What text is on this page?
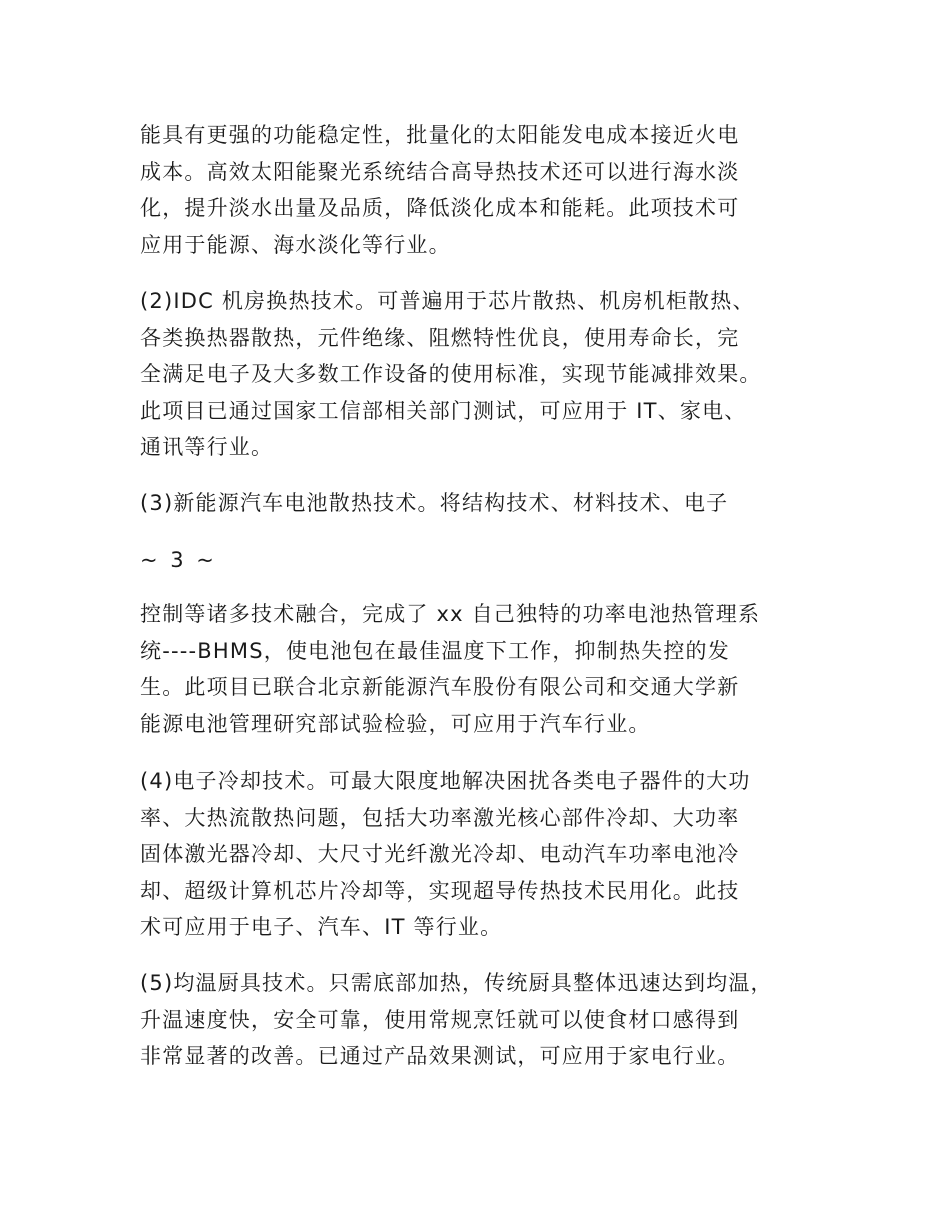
能具有更强的功能稳定性，批量化的太阳能发电成本接近火电
成本。高效太阳能聚光系统结合高导热技术还可以进行海水淡
化，提升淡水出量及品质，降低淡化成本和能耗。此项技术可
应用于能源、海水淡化等行业。
(2)IDC 机房换热技术。可普遍用于芯片散热、机房机柜散热、
各类换热器散热，元件绝缘、阻燃特性优良，使用寿命长，完
全满足电子及大多数工作设备的使用标准，实现节能减排效果。
此项目已通过国家工信部相关部门测试，可应用于 IT、家电、
通讯等行业。
(3)新能源汽车电池散热技术。将结构技术、材料技术、电子
~ 3 ~
控制等诸多技术融合，完成了 xx 自己独特的功率电池热管理系
统----BHMS，使电池包在最佳温度下工作，抑制热失控的发
生。此项目已联合北京新能源汽车股份有限公司和交通大学新
能源电池管理研究部试验检验，可应用于汽车行业。
(4)电子冷却技术。可最大限度地解决困扰各类电子器件的大功
率、大热流散热问题，包括大功率激光核心部件冷却、大功率
固体激光器冷却、大尺寸光纤激光冷却、电动汽车功率电池冷
却、超级计算机芯片冷却等，实现超导传热技术民用化。此技
术可应用于电子、汽车、IT 等行业。
(5)均温厨具技术。只需底部加热，传统厨具整体迅速达到均温，
升温速度快，安全可靠，使用常规烹饪就可以使食材口感得到
非常显著的改善。已通过产品效果测试，可应用于家电行业。
